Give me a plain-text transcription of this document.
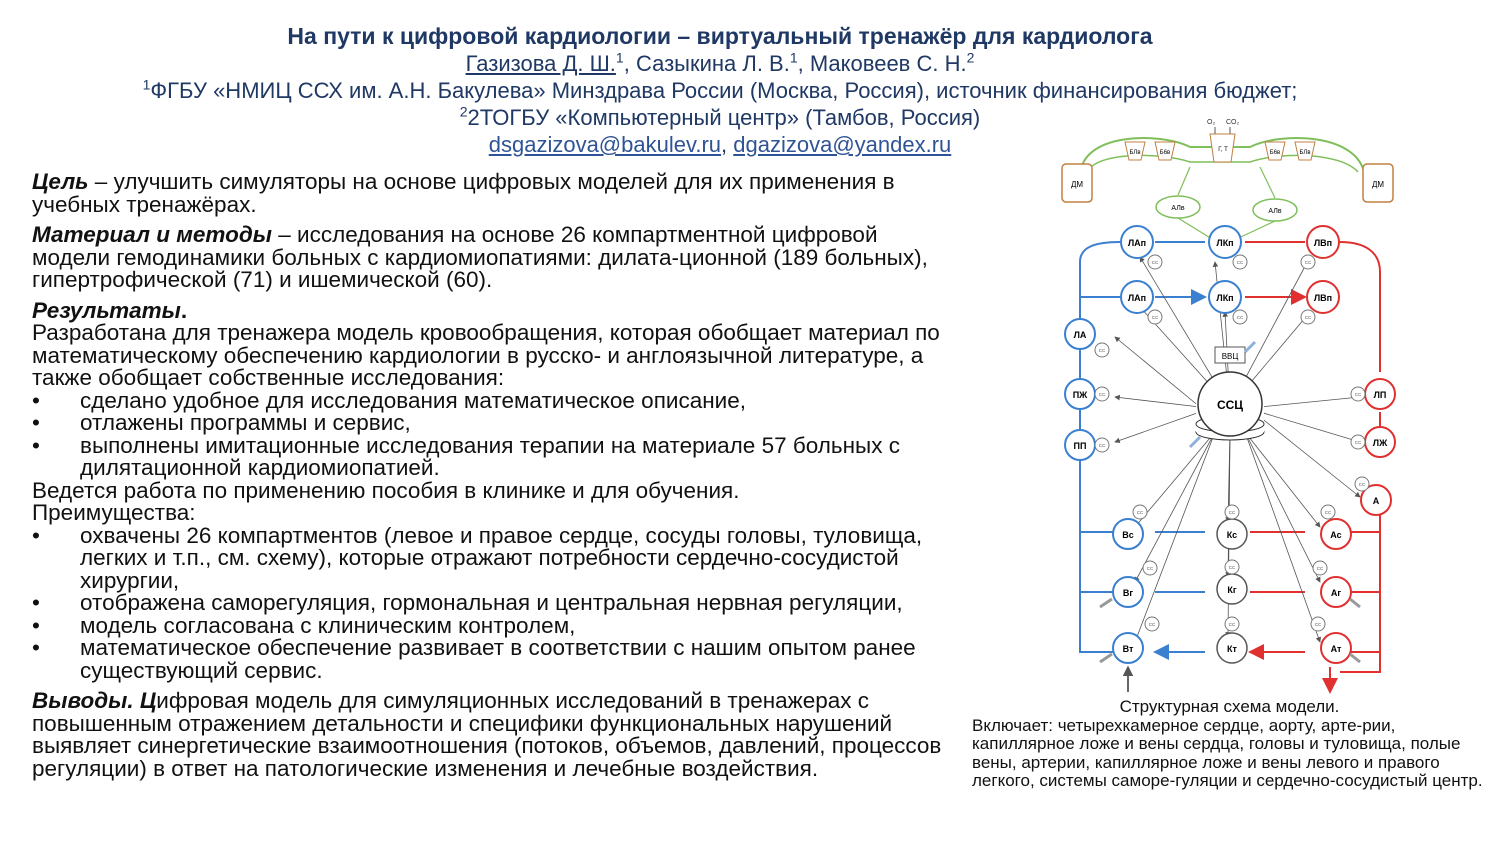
На пути к цифровой кардиологии – виртуальный тренажёр для кардиолога
Газизова Д. Ш.$^1$, Сазыкина Л. В.$^1$, Маковеев С. Н.$^2$
$^1$ФГБУ «НМИЦ ССХ им. А.Н. Бакулева» Минздрава России (Москва, Россия), источник финансирования бюджет;
$^2$2ТОГБУ «Компьютерный центр» (Тамбов, Россия)
dsgazizova@bakulev.ru, dgazizova@yandex.ru

Цель – улучшить симуляторы на основе цифровых моделей для их применения в учебных тренажёрах.

Материал и методы – исследования на основе 26 компартментной цифровой модели гемодинамики больных с кардиомиопатиями: дилата-ционной (189 больных), гипертрофической (71) и ишемической (60).

Результаты.

Разработана для тренажера модель кровообращения, которая обобщает материал по математическому обеспечению кардиологии в русско- и англоязычной литературе, а также обобщает собственные исследования:

• сделано удобное для исследования математическое описание,
• отлажены программы и сервис,
• выполнены имитационные исследования терапии на материале 57 больных с дилятационной кардиомиопатией.

Ведется работа по применению пособия в клинике и для обучения.

Преимущества:

• охвачены 26 компартментов (левое и правое сердце, сосуды головы, туловища, легких и т.п., см. схему), которые отражают потребности сердечно-сосудистой хирургии,
• отображена саморегуляция, гормональная и центральная нервная регуляции,
• модель согласована с клиническим контролем,
• математическое обеспечение развивает в соответствии с нашим опытом ранее существующий сервис.

Выводы. Цифровая модель для симуляционных исследований в тренажерах с повышенным отражением детальности и специфики функциональных нарушений выявляет синергетические взаимоотношения (потоков, объемов, давлений, процессов регуляции) в ответ на патологические изменения и лечебные воздействия.

O₂ CO₂
ДМ	ДМ
БЛв	Б6в	Г, Т	Б6в	БЛв
АЛв	АЛв
ССЦ
ВВЦ
ЛАп	ЛКп	ЛВп
ЛАп	ЛКп	ЛВп
ЛА
ПЖ
ПП
ЛП
ЛЖ
А
Вс	Кс	Ас
Вг	Кг	Аг
Вт	Кт	Ат
СС	СС	СС
СС	СС	СС
СС
СС
СС
СС
СС
СС
СС	СС	СС
СС	СС	СС
СС	СС	СС
Структурная схема модели.
Включает: четырехкамерное сердце, аорту, арте-рии, капиллярное ложе и вены сердца, головы и туловища, полые вены, артерии, капиллярное ложе и вены левого и правого легкого, системы саморе-гуляции и сердечно-сосудистый центр.
